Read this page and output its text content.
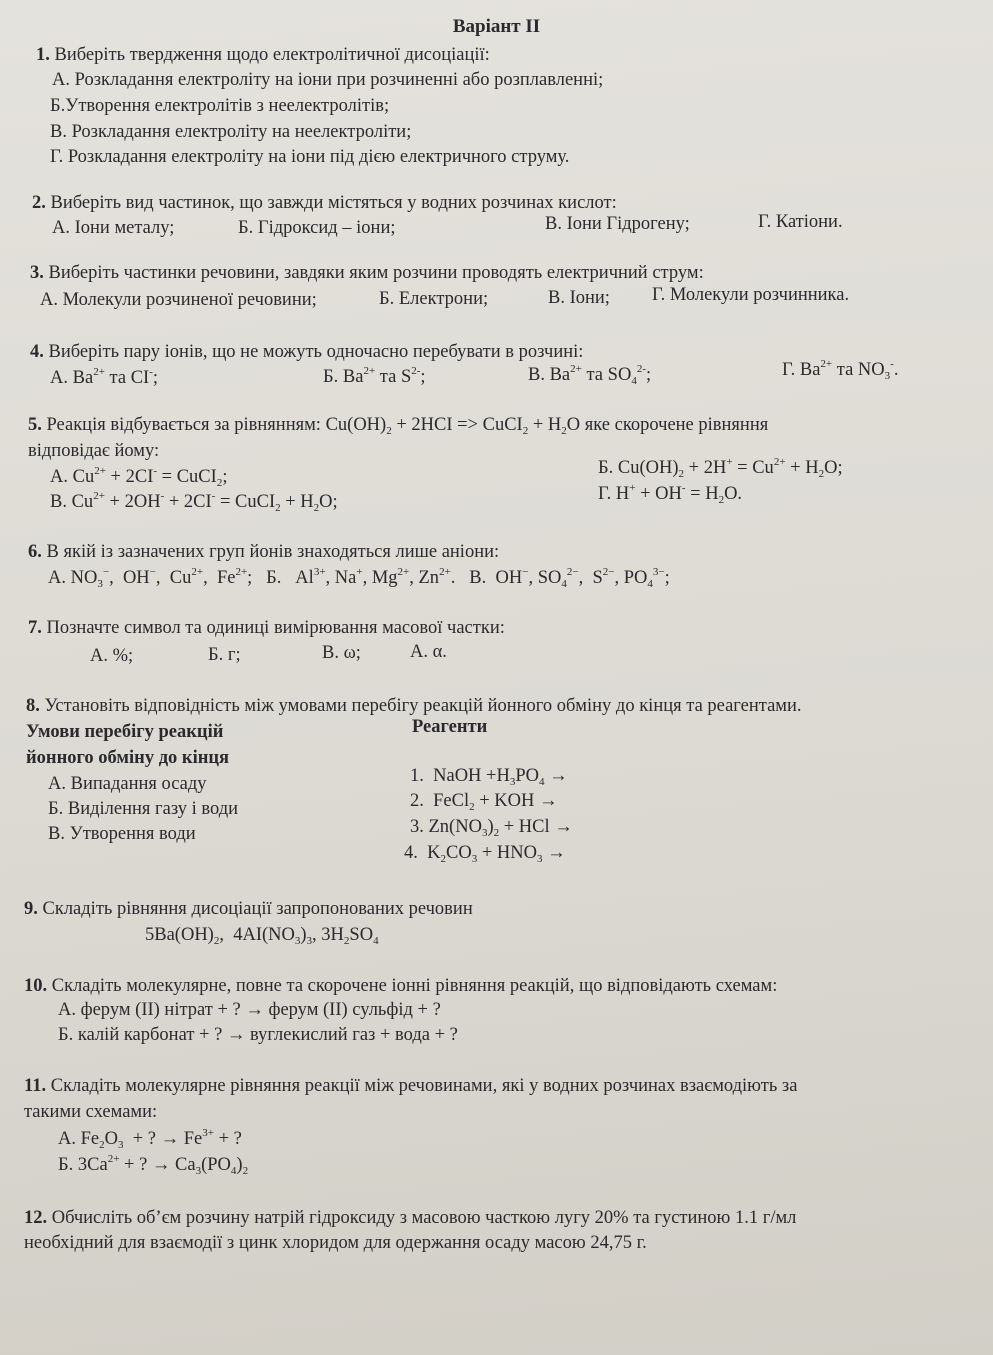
Варіант ІІ
1. Виберіть твердження щодо електролітичної дисоціації:
А. Розкладання електроліту на іони при розчиненні або розплавленні;
Б.Утворення електролітів з неелектролітів;
В. Розкладання електроліту на неелектроліти;
Г. Розкладання електроліту на іони під дією електричного струму.
2. Виберіть вид частинок, що завжди містяться у водних розчинах кислот:
А. Іони металу;	Б. Гідроксид – іони;	В. Іони Гідрогену;	Г. Катіони.
3. Виберіть частинки речовини, завдяки яким розчини проводять електричний струм:
А. Молекули розчиненої речовини;	Б. Електрони;	В. Іони; Г. Молекули розчинника.
4. Виберіть пару іонів, що не можуть одночасно перебувати в розчині:
А. $Ba^{2+}$ та CI-;	Б. $Ba^{2+}$ та $S^{2-}$;	В. $Ba^{2+}$ та $SO_4^{2-}$;	Г. $Ba^{2+}$ та $NO_3^-$.
5. Реакція відбувається за рівнянням: $Cu(OH)_2 + 2HCI$ => CuCI$_2$ + $H_2O$ яке скорочене рівняння
відповідає йому:
А. $Cu^{2+} + 2CI^-$ = CuCI$_2$;	Б. $Cu(OH)_2 + 2H^+ = Cu^{2+} + H_2O$;
В. $Cu^{2+} + 2OH^- + 2CI^-$ = CuCI$_2$ + $H_2O$;	Г. $H^+ + OH^- = H_2O$.
6. В якій із зазначених груп йонів знаходяться лише аніони:
А. $NO_3^-$,  OH−,  $Cu^{2+}$,  $Fe^{2+}$;   Б.   $Al^{3+}$, Na+, $Mg^{2+}$, $Zn^{2+}$.   В.  OH−, $SO_4^{2-}$,  $S^{2-}$, $PO_4^{3-}$;
7. Позначте символ та одиниці вимірювання масової частки:
А. %;	Б. г;	В. ω;	А. α.
8. Установіть відповідність між умовами перебігу реакцій йонного обміну до кінця та реагентами.
Умови перебігу реакцій
йонного обміну до кінця
Реагенти
А. Випадання осаду
Б. Виділення газу і води
В. Утворення води
1.  NaOH $+H_3PO_4$ →
2.  FeCl$_2$ + KOH →
3. $Zn(NO_3)_2$ + HCl →
4.  $K_2CO_3 + HNO_3$ →
9. Складіть рівняння дисоціації запропонованих речовин
$5Ba(OH)_2$,  $4AI(NO_3)_3$, $3H_2SO_4$
10. Складіть молекулярне, повне та скорочене іонні рівняння реакцій, що відповідають схемам:
А. ферум (ІІ) нітрат + ? → ферум (ІІ) сульфід + ?
Б. калій карбонат + ? → вуглекислий газ + вода + ?
11. Складіть молекулярне рівняння реакції між речовинами, які у водних розчинах взаємодіють за
такими схемами:
А. $Fe_2O_3$  + ? → $Fe^{3+}$ + ?
Б. $3Ca^{2+}$ + ? → $Ca_3(PO_4)_2$
12. Обчисліть об’єм розчину натрій гідроксиду з масовою часткою лугу 20% та густиною 1.1 г/мл
необхідний для взаємодії з цинк хлоридом для одержання осаду масою 24,75 г.
